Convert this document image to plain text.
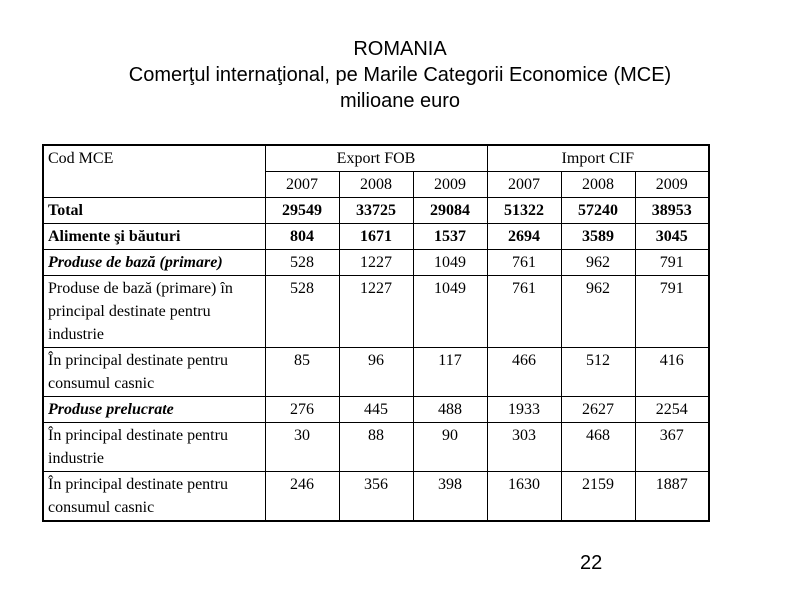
ROMANIA
Comerţul internaţional, pe Marile Categorii Economice (MCE)
milioane euro
Cod MCE	Export FOB			Import CIF		
	2007	2008	2009	2007	2008	2009
Total	29549	33725	29084	51322	57240	38953
Alimente şi băuturi	804	1671	1537	2694	3589	3045
Produse de bază (primare)	528	1227	1049	761	962	791
Produse de bază (primare) în principal destinate pentru industrie	528	1227	1049	761	962	791
În principal destinate pentru consumul casnic	85	96	117	466	512	416
Produse prelucrate	276	445	488	1933	2627	2254
În principal destinate pentru industrie	30	88	90	303	468	367
În principal destinate pentru consumul casnic	246	356	398	1630	2159	1887
22
